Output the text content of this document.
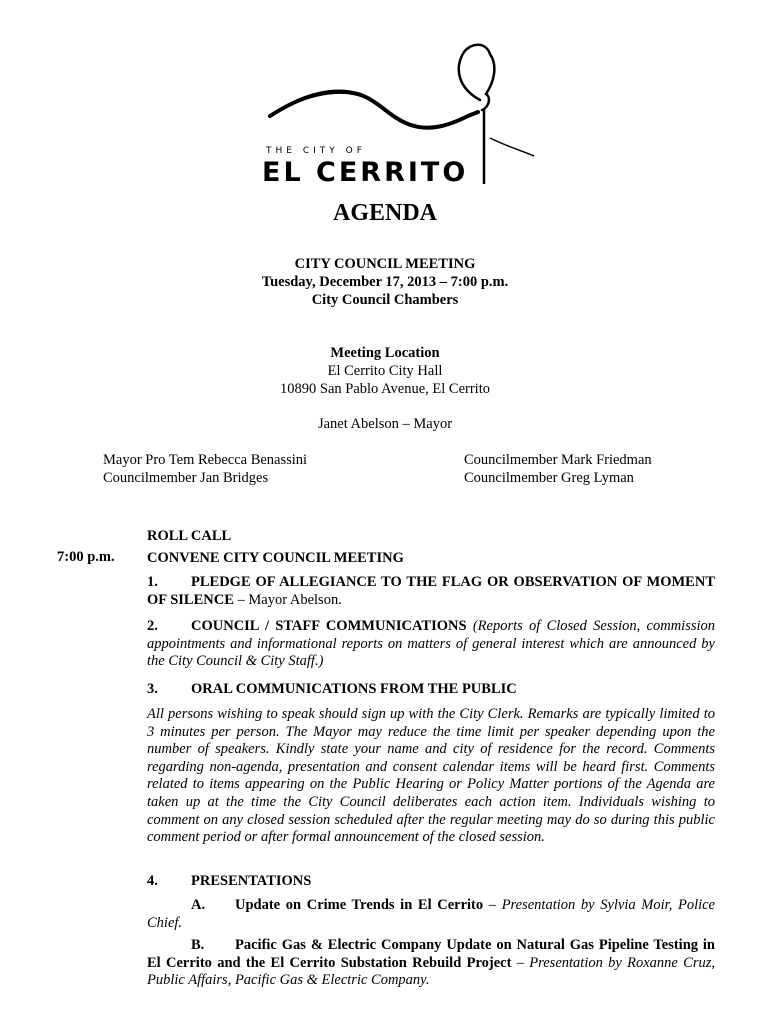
THE CITY OF
EL CERRITO
AGENDA
CITY COUNCIL MEETING
Tuesday, December 17, 2013 – 7:00 p.m.
City Council Chambers
Meeting Location
El Cerrito City Hall
10890 San Pablo Avenue, El Cerrito
Janet Abelson – Mayor
Mayor Pro Tem Rebecca Benassini
Councilmember Jan Bridges
Councilmember Mark Friedman
Councilmember Greg Lyman
ROLL CALL
7:00 p.m. CONVENE CITY COUNCIL MEETING
1. PLEDGE OF ALLEGIANCE TO THE FLAG OR OBSERVATION OF MOMENT OF SILENCE – Mayor Abelson.
2. COUNCIL / STAFF COMMUNICATIONS (Reports of Closed Session, commission appointments and informational reports on matters of general interest which are announced by the City Council & City Staff.)
3. ORAL COMMUNICATIONS FROM THE PUBLIC
All persons wishing to speak should sign up with the City Clerk. Remarks are typically limited to 3 minutes per person. The Mayor may reduce the time limit per speaker depending upon the number of speakers. Kindly state your name and city of residence for the record. Comments regarding non-agenda, presentation and consent calendar items will be heard first. Comments related to items appearing on the Public Hearing or Policy Matter portions of the Agenda are taken up at the time the City Council deliberates each action item. Individuals wishing to comment on any closed session scheduled after the regular meeting may do so during this public comment period or after formal announcement of the closed session.
4. PRESENTATIONS
A. Update on Crime Trends in El Cerrito – Presentation by Sylvia Moir, Police Chief.
B. Pacific Gas & Electric Company Update on Natural Gas Pipeline Testing in El Cerrito and the El Cerrito Substation Rebuild Project – Presentation by Roxanne Cruz, Public Affairs, Pacific Gas & Electric Company.
